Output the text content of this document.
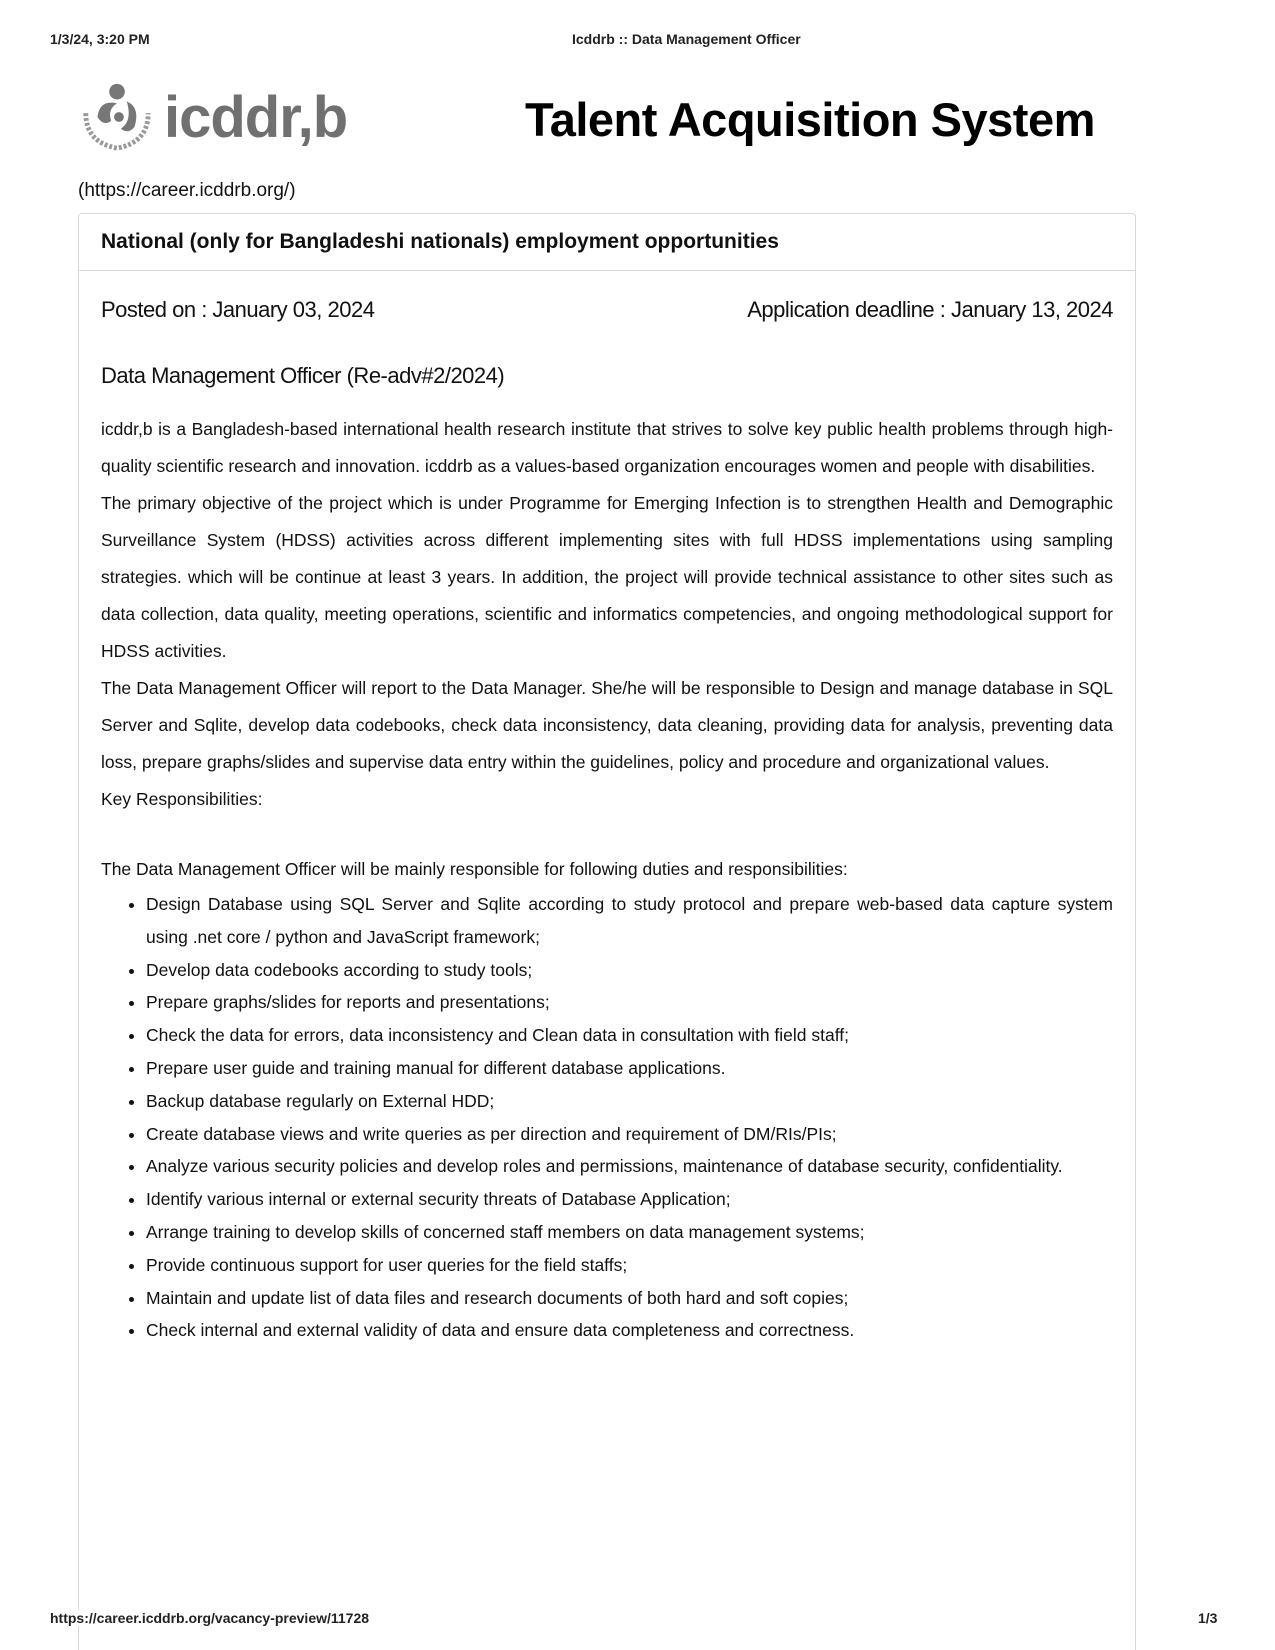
1/3/24, 3:20 PM	Icddrb :: Data Management Officer
icddr,b	Talent Acquisition System
(https://career.icddrb.org/)
National (only for Bangladeshi nationals) employment opportunities
Posted on : January 03, 2024	Application deadline : January 13, 2024
Data Management Officer (Re-adv#2/2024)

icddr,b is a Bangladesh-based international health research institute that strives to solve key public health problems through high-quality scientific research and innovation. icddrb as a values-based organization encourages women and people with disabilities.

The primary objective of the project which is under Programme for Emerging Infection is to strengthen Health and Demographic Surveillance System (HDSS) activities across different implementing sites with full HDSS implementations using sampling strategies. which will be continue at least 3 years. In addition, the project will provide technical assistance to other sites such as data collection, data quality, meeting operations, scientific and informatics competencies, and ongoing methodological support for HDSS activities.

The Data Management Officer will report to the Data Manager. She/he will be responsible to Design and manage database in SQL Server and Sqlite, develop data codebooks, check data inconsistency, data cleaning, providing data for analysis, preventing data loss, prepare graphs/slides and supervise data entry within the guidelines, policy and procedure and organizational values.

Key Responsibilities:

The Data Management Officer will be mainly responsible for following duties and responsibilities:
• Design Database using SQL Server and Sqlite according to study protocol and prepare web-based data capture system using .net core / python and JavaScript framework;
• Develop data codebooks according to study tools;
• Prepare graphs/slides for reports and presentations;
• Check the data for errors, data inconsistency and Clean data in consultation with field staff;
• Prepare user guide and training manual for different database applications.
• Backup database regularly on External HDD;
• Create database views and write queries as per direction and requirement of DM/RIs/PIs;
• Analyze various security policies and develop roles and permissions, maintenance of database security, confidentiality.
• Identify various internal or external security threats of Database Application;
• Arrange training to develop skills of concerned staff members on data management systems;
• Provide continuous support for user queries for the field staffs;
• Maintain and update list of data files and research documents of both hard and soft copies;
• Check internal and external validity of data and ensure data completeness and correctness.
https://career.icddrb.org/vacancy-preview/11728	1/3
